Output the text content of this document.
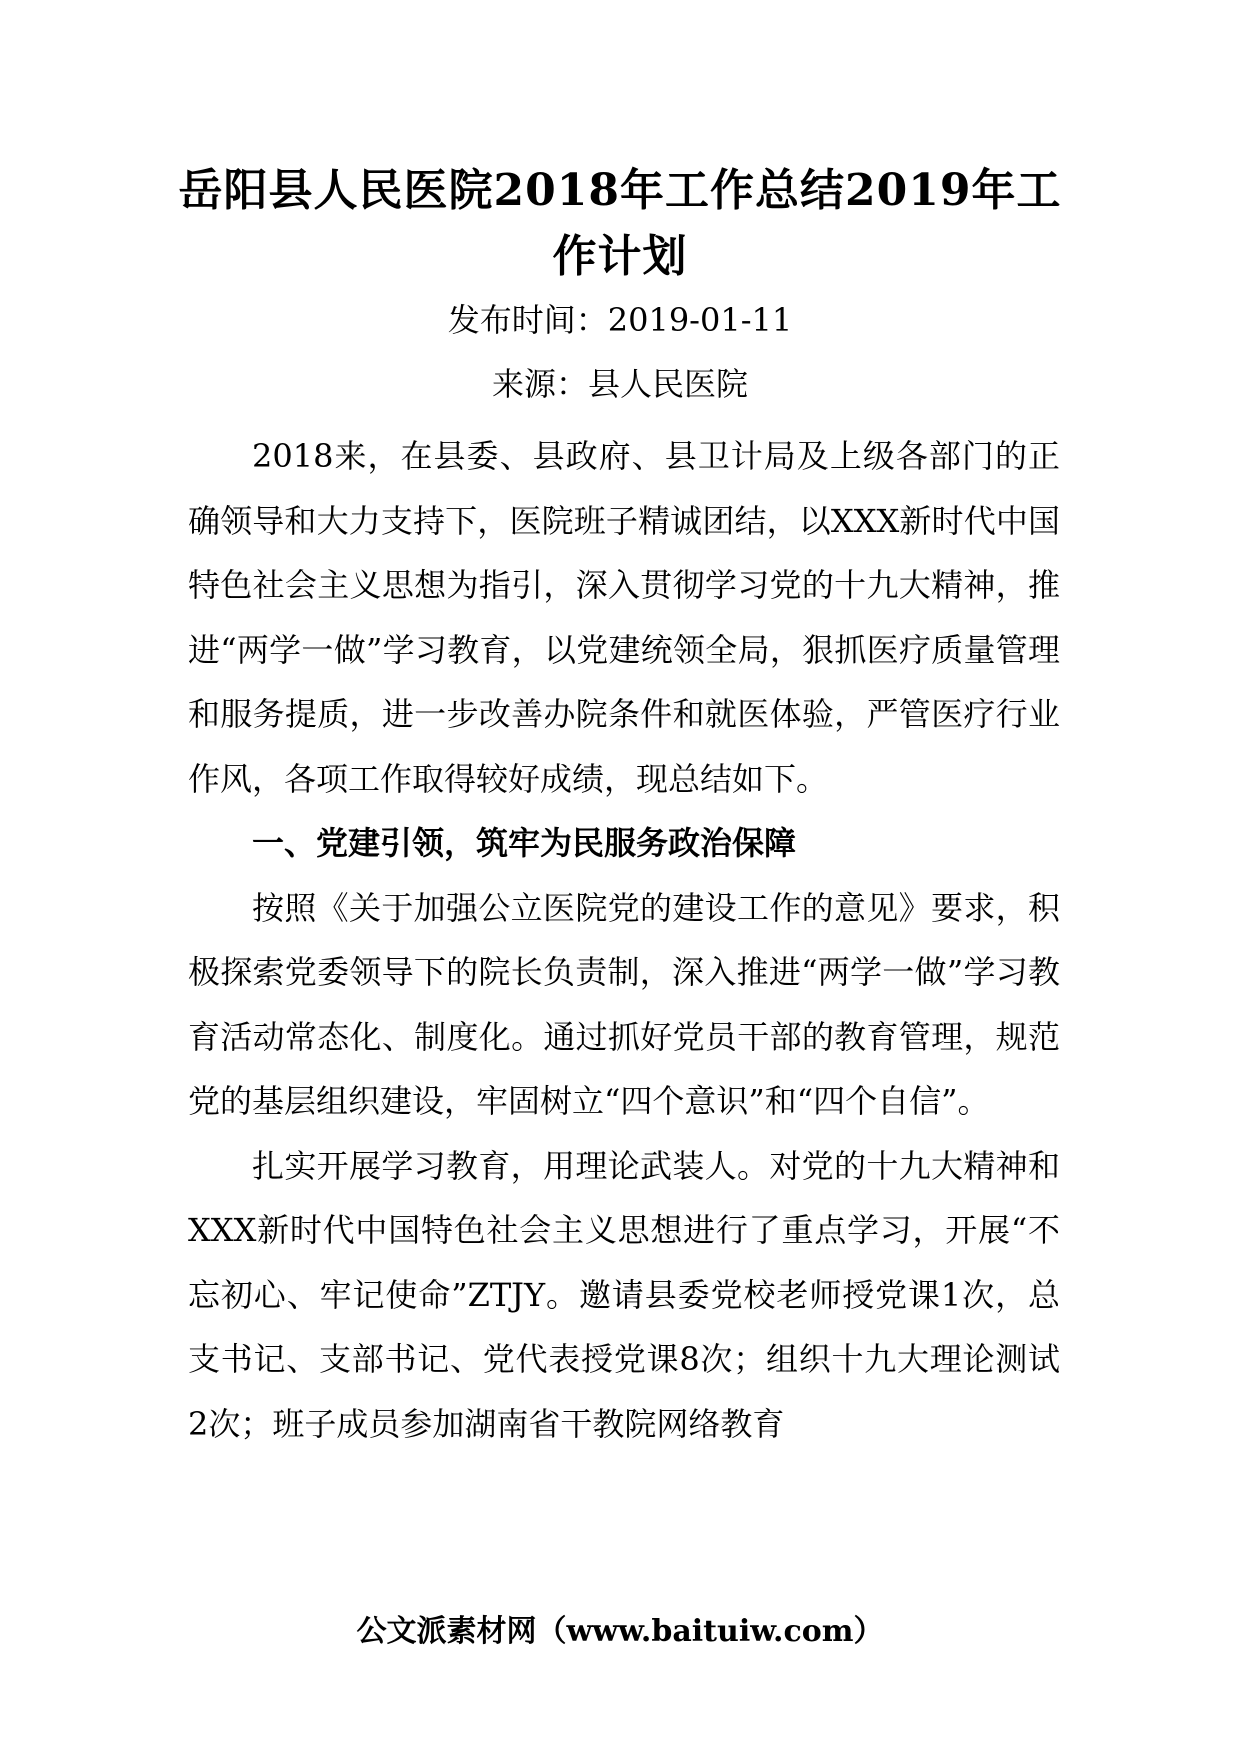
岳阳县人民医院2018年工作总结2019年工作计划

发布时间：2019-01-11

来源：县人民医院

2018来，在县委、县政府、县卫计局及上级各部门的正确领导和大力支持下，医院班子精诚团结，以XXX新时代中国特色社会主义思想为指引，深入贯彻学习党的十九大精神，推进“两学一做”学习教育，以党建统领全局，狠抓医疗质量管理和服务提质，进一步改善办院条件和就医体验，严管医疗行业作风，各项工作取得较好成绩，现总结如下。

一、党建引领，筑牢为民服务政治保障

按照《关于加强公立医院党的建设工作的意见》要求，积极探索党委领导下的院长负责制，深入推进“两学一做”学习教育活动常态化、制度化。通过抓好党员干部的教育管理，规范党的基层组织建设，牢固树立“四个意识”和“四个自信”。

扎实开展学习教育，用理论武装人。对党的十九大精神和XXX新时代中国特色社会主义思想进行了重点学习，开展“不忘初心、牢记使命”ZTJY。邀请县委党校老师授党课1次，总支书记、支部书记、党代表授党课8次；组织十九大理论测试2次；班子成员参加湖南省干教院网络教育

公文派素材网（www.baituiw.com）
